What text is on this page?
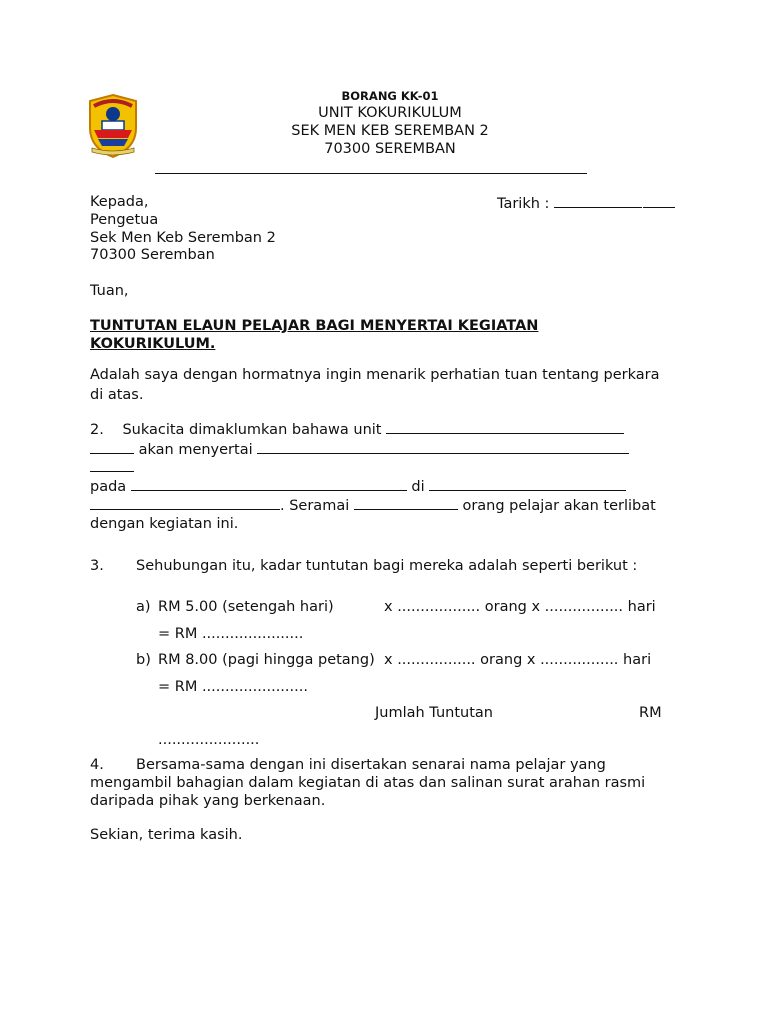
BORANG KK-01
UNIT KOKURIKULUM
SEK MEN KEB SEREMBAN 2
70300 SEREMBAN
Kepada,
Pengetua
Sek Men Keb Seremban 2
70300 Seremban
Tarikh :
Tuan,
TUNTUTAN ELAUN PELAJAR BAGI MENYERTAI KEGIATAN
KOKURIKULUM.
Adalah saya dengan hormatnya ingin menarik perhatian tuan tentang perkara
di atas.
2. Sukacita dimaklumkan bahawa unit
akan menyertai
pada	di
. Seramai	orang pelajar akan terlibat
dengan kegiatan ini.
3. Sehubungan itu, kadar tuntutan bagi mereka adalah seperti berikut :
a) RM 5.00 (setengah hari)	x .................. orang x ................. hari
= RM ......................
b) RM 8.00 (pagi hingga petang) x ................. orang x ................. hari
= RM .......................
Jumlah Tuntutan	RM
......................
4. Bersama-sama dengan ini disertakan senarai nama pelajar yang
mengambil bahagian dalam kegiatan di atas dan salinan surat arahan rasmi
daripada pihak yang berkenaan.
Sekian, terima kasih.
